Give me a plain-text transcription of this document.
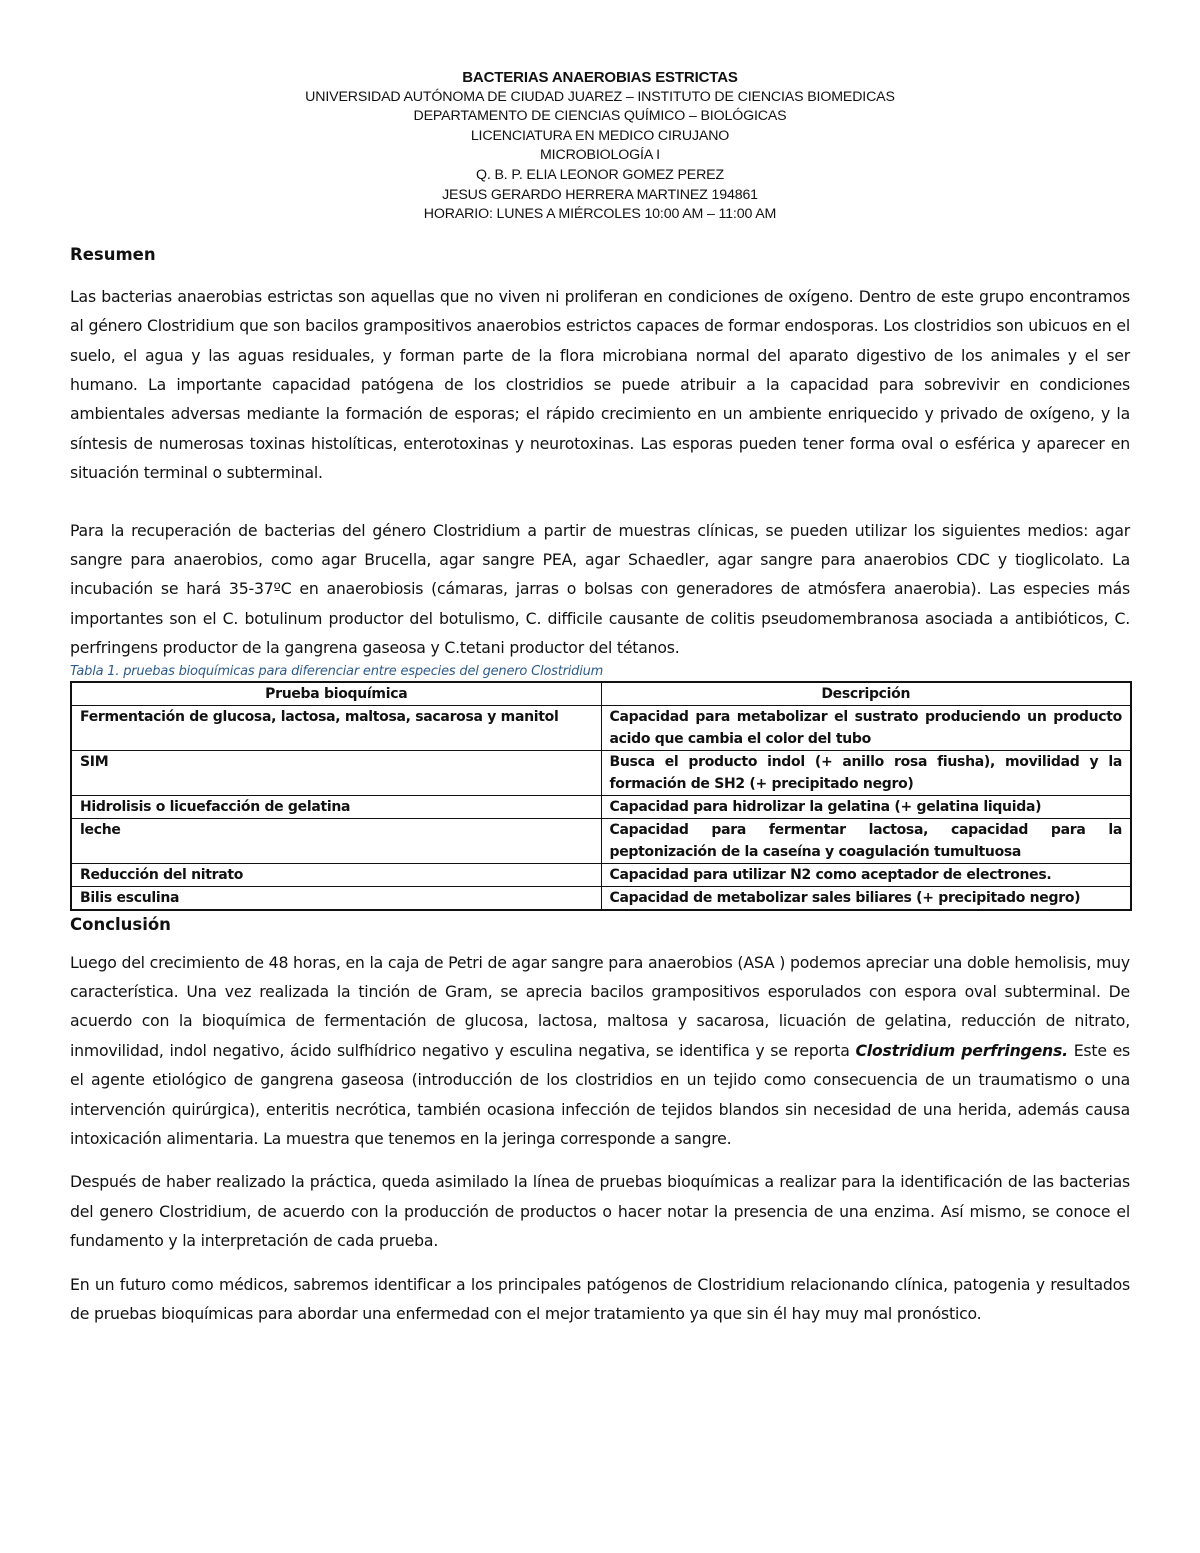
BACTERIAS ANAEROBIAS ESTRICTAS
UNIVERSIDAD AUTÓNOMA DE CIUDAD JUAREZ – INSTITUTO DE CIENCIAS BIOMEDICAS
DEPARTAMENTO DE CIENCIAS QUÍMICO – BIOLÓGICAS
LICENCIATURA EN MEDICO CIRUJANO
MICROBIOLOGÍA I
Q. B. P. ELIA LEONOR GOMEZ PEREZ
JESUS GERARDO HERRERA MARTINEZ 194861
HORARIO: LUNES A MIÉRCOLES 10:00 AM – 11:00 AM

Resumen

Las bacterias anaerobias estrictas son aquellas que no viven ni proliferan en condiciones de oxígeno. Dentro de este grupo encontramos al género Clostridium que son bacilos grampositivos anaerobios estrictos capaces de formar endosporas. Los clostridios son ubicuos en el suelo, el agua y las aguas residuales, y forman parte de la flora microbiana normal del aparato digestivo de los animales y el ser humano. La importante capacidad patógena de los clostridios se puede atribuir a la capacidad para sobrevivir en condiciones ambientales adversas mediante la formación de esporas; el rápido crecimiento en un ambiente enriquecido y privado de oxígeno, y la síntesis de numerosas toxinas histolíticas, enterotoxinas y neurotoxinas. Las esporas pueden tener forma oval o esférica y aparecer en situación terminal o subterminal.

Para la recuperación de bacterias del género Clostridium a partir de muestras clínicas, se pueden utilizar los siguientes medios: agar sangre para anaerobios, como agar Brucella, agar sangre PEA, agar Schaedler, agar sangre para anaerobios CDC y tioglicolato. La incubación se hará 35-37ºC en anaerobiosis (cámaras, jarras o bolsas con generadores de atmósfera anaerobia). Las especies más importantes son el C. botulinum productor del botulismo, C. difficile causante de colitis pseudomembranosa asociada a antibióticos, C. perfringens productor de la gangrena gaseosa y C.tetani productor del tétanos.

Tabla 1. pruebas bioquímicas para diferenciar entre especies del genero Clostridium

Prueba bioquímica	Descripción
Fermentación de glucosa, lactosa, maltosa, sacarosa y manitol	Capacidad para metabolizar el sustrato produciendo un producto acido que cambia el color del tubo
SIM	Busca el producto indol (+ anillo rosa fiusha), movilidad y la formación de SH2 (+ precipitado negro)
Hidrolisis o licuefacción de gelatina	Capacidad para hidrolizar la gelatina (+ gelatina liquida)
leche	Capacidad para fermentar lactosa, capacidad para la peptonización de la caseína y coagulación tumultuosa
Reducción del nitrato	Capacidad para utilizar N2 como aceptador de electrones.
Bilis esculina	Capacidad de metabolizar sales biliares (+ precipitado negro)

Conclusión

Luego del crecimiento de 48 horas, en la caja de Petri de agar sangre para anaerobios (ASA ) podemos apreciar una doble hemolisis, muy característica. Una vez realizada la tinción de Gram, se aprecia bacilos grampositivos esporulados con espora oval subterminal. De acuerdo con la bioquímica de fermentación de glucosa, lactosa, maltosa y sacarosa, licuación de gelatina, reducción de nitrato, inmovilidad, indol negativo, ácido sulfhídrico negativo y esculina negativa, se identifica y se reporta Clostridium perfringens. Este es el agente etiológico de gangrena gaseosa (introducción de los clostridios en un tejido como consecuencia de un traumatismo o una intervención quirúrgica), enteritis necrótica, también ocasiona infección de tejidos blandos sin necesidad de una herida, además causa intoxicación alimentaria. La muestra que tenemos en la jeringa corresponde a sangre.

Después de haber realizado la práctica, queda asimilado la línea de pruebas bioquímicas a realizar para la identificación de las bacterias del genero Clostridium, de acuerdo con la producción de productos o hacer notar la presencia de una enzima. Así mismo, se conoce el fundamento y la interpretación de cada prueba.

En un futuro como médicos, sabremos identificar a los principales patógenos de Clostridium relacionando clínica, patogenia y resultados de pruebas bioquímicas para abordar una enfermedad con el mejor tratamiento ya que sin él hay muy mal pronóstico.
